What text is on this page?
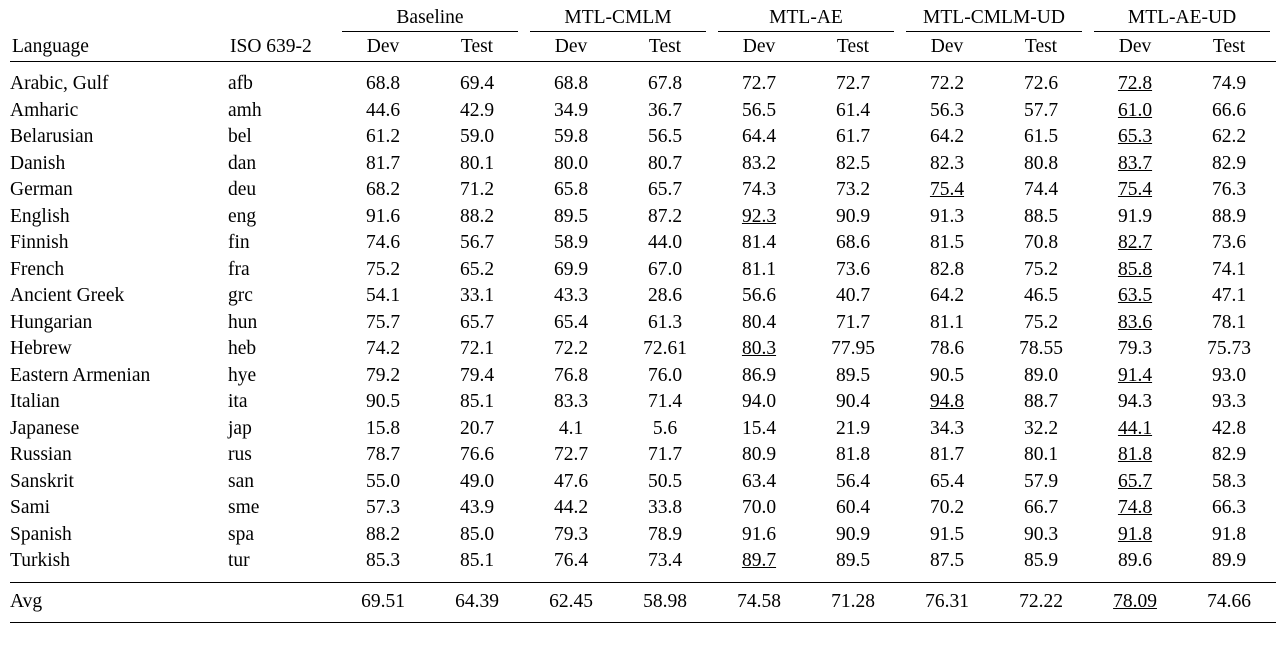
		Baseline		MTL-CMLM		MTL-AE		MTL-CMLM-UD		MTL-AE-UD	

Language	ISO 639-2	Dev	Test	Dev	Test	Dev	Test	Dev	Test	Dev	Test

Arabic, Gulf	afb	68.8	69.4	68.8	67.8	72.7	72.7	72.2	72.6	72.8	74.9
Amharic	amh	44.6	42.9	34.9	36.7	56.5	61.4	56.3	57.7	61.0	66.6
Belarusian	bel	61.2	59.0	59.8	56.5	64.4	61.7	64.2	61.5	65.3	62.2
Danish	dan	81.7	80.1	80.0	80.7	83.2	82.5	82.3	80.8	83.7	82.9
German	deu	68.2	71.2	65.8	65.7	74.3	73.2	75.4	74.4	75.4	76.3
English	eng	91.6	88.2	89.5	87.2	92.3	90.9	91.3	88.5	91.9	88.9
Finnish	fin	74.6	56.7	58.9	44.0	81.4	68.6	81.5	70.8	82.7	73.6
French	fra	75.2	65.2	69.9	67.0	81.1	73.6	82.8	75.2	85.8	74.1
Ancient Greek	grc	54.1	33.1	43.3	28.6	56.6	40.7	64.2	46.5	63.5	47.1
Hungarian	hun	75.7	65.7	65.4	61.3	80.4	71.7	81.1	75.2	83.6	78.1
Hebrew	heb	74.2	72.1	72.2	72.61	80.3	77.95	78.6	78.55	79.3	75.73
Eastern Armenian	hye	79.2	79.4	76.8	76.0	86.9	89.5	90.5	89.0	91.4	93.0
Italian	ita	90.5	85.1	83.3	71.4	94.0	90.4	94.8	88.7	94.3	93.3
Japanese	jap	15.8	20.7	4.1	5.6	15.4	21.9	34.3	32.2	44.1	42.8
Russian	rus	78.7	76.6	72.7	71.7	80.9	81.8	81.7	80.1	81.8	82.9
Sanskrit	san	55.0	49.0	47.6	50.5	63.4	56.4	65.4	57.9	65.7	58.3
Sami	sme	57.3	43.9	44.2	33.8	70.0	60.4	70.2	66.7	74.8	66.3
Spanish	spa	88.2	85.0	79.3	78.9	91.6	90.9	91.5	90.3	91.8	91.8
Turkish	tur	85.3	85.1	76.4	73.4	89.7	89.5	87.5	85.9	89.6	89.9

Avg		69.51	64.39	62.45	58.98	74.58	71.28	76.31	72.22	78.09	74.66
